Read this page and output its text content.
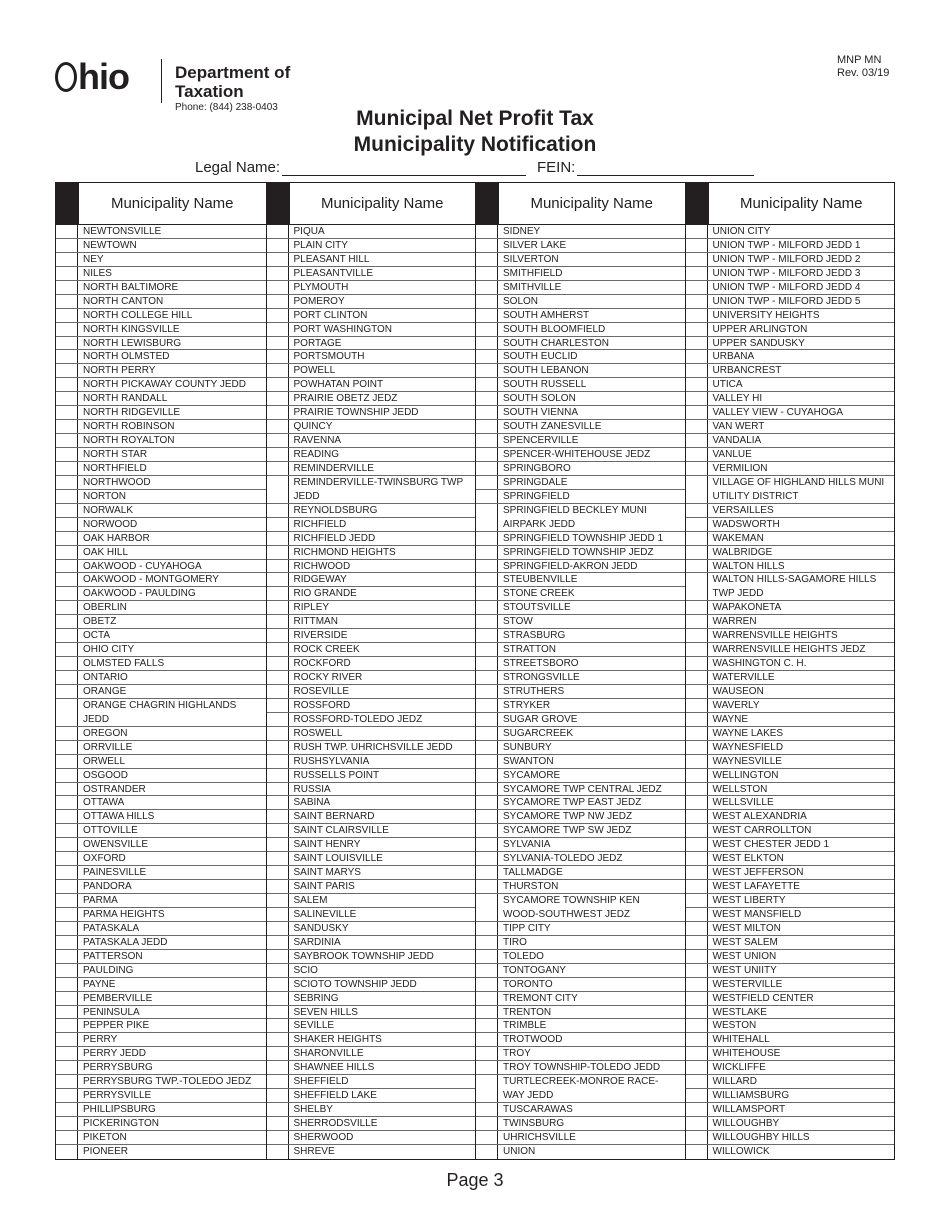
hio	Department of
Taxation
Phone: (844) 238-0403
MNP MN
Rev. 03/19
Municipal Net Profit Tax
Municipality Notification
Legal Name:	FEIN:
Municipality Name
NEWTONSVILLE
NEWTOWN
NEY
NILES
NORTH BALTIMORE
NORTH CANTON
NORTH COLLEGE HILL
NORTH KINGSVILLE
NORTH LEWISBURG
NORTH OLMSTED
NORTH PERRY
NORTH PICKAWAY COUNTY JEDD
NORTH RANDALL
NORTH RIDGEVILLE
NORTH ROBINSON
NORTH ROYALTON
NORTH STAR
NORTHFIELD
NORTHWOOD
NORTON
NORWALK
NORWOOD
OAK HARBOR
OAK HILL
OAKWOOD - CUYAHOGA
OAKWOOD - MONTGOMERY
OAKWOOD - PAULDING
OBERLIN
OBETZ
OCTA
OHIO CITY
OLMSTED FALLS
ONTARIO
ORANGE
ORANGE CHAGRIN HIGHLANDS
JEDD
OREGON
ORRVILLE
ORWELL
OSGOOD
OSTRANDER
OTTAWA
OTTAWA HILLS
OTTOVILLE
OWENSVILLE
OXFORD
PAINESVILLE
PANDORA
PARMA
PARMA HEIGHTS
PATASKALA
PATASKALA JEDD
PATTERSON
PAULDING
PAYNE
PEMBERVILLE
PENINSULA
PEPPER PIKE
PERRY
PERRY JEDD
PERRYSBURG
PERRYSBURG TWP.-TOLEDO JEDZ
PERRYSVILLE
PHILLIPSBURG
PICKERINGTON
PIKETON
PIONEER
Municipality Name
PIQUA
PLAIN CITY
PLEASANT HILL
PLEASANTVILLE
PLYMOUTH
POMEROY
PORT CLINTON
PORT WASHINGTON
PORTAGE
PORTSMOUTH
POWELL
POWHATAN POINT
PRAIRIE OBETZ JEDZ
PRAIRIE TOWNSHIP JEDD
QUINCY
RAVENNA
READING
REMINDERVILLE
REMINDERVILLE-TWINSBURG TWP
JEDD
REYNOLDSBURG
RICHFIELD
RICHFIELD JEDD
RICHMOND HEIGHTS
RICHWOOD
RIDGEWAY
RIO GRANDE
RIPLEY
RITTMAN
RIVERSIDE
ROCK CREEK
ROCKFORD
ROCKY RIVER
ROSEVILLE
ROSSFORD
ROSSFORD-TOLEDO JEDZ
ROSWELL
RUSH TWP. UHRICHSVILLE JEDD
RUSHSYLVANIA
RUSSELLS POINT
RUSSIA
SABINA
SAINT BERNARD
SAINT CLAIRSVILLE
SAINT HENRY
SAINT LOUISVILLE
SAINT MARYS
SAINT PARIS
SALEM
SALINEVILLE
SANDUSKY
SARDINIA
SAYBROOK TOWNSHIP JEDD
SCIO
SCIOTO TOWNSHIP JEDD
SEBRING
SEVEN HILLS
SEVILLE
SHAKER HEIGHTS
SHARONVILLE
SHAWNEE HILLS
SHEFFIELD
SHEFFIELD LAKE
SHELBY
SHERRODSVILLE
SHERWOOD
SHREVE
Municipality Name
SIDNEY
SILVER LAKE
SILVERTON
SMITHFIELD
SMITHVILLE
SOLON
SOUTH AMHERST
SOUTH BLOOMFIELD
SOUTH CHARLESTON
SOUTH EUCLID
SOUTH LEBANON
SOUTH RUSSELL
SOUTH SOLON
SOUTH VIENNA
SOUTH ZANESVILLE
SPENCERVILLE
SPENCER-WHITEHOUSE JEDZ
SPRINGBORO
SPRINGDALE
SPRINGFIELD
SPRINGFIELD BECKLEY MUNI
AIRPARK JEDD
SPRINGFIELD TOWNSHIP JEDD 1
SPRINGFIELD TOWNSHIP JEDZ
SPRINGFIELD-AKRON JEDD
STEUBENVILLE
STONE CREEK
STOUTSVILLE
STOW
STRASBURG
STRATTON
STREETSBORO
STRONGSVILLE
STRUTHERS
STRYKER
SUGAR GROVE
SUGARCREEK
SUNBURY
SWANTON
SYCAMORE
SYCAMORE TWP CENTRAL JEDZ
SYCAMORE TWP EAST JEDZ
SYCAMORE TWP NW JEDZ
SYCAMORE TWP SW JEDZ
SYLVANIA
SYLVANIA-TOLEDO JEDZ
TALLMADGE
THURSTON
SYCAMORE TOWNSHIP KEN
WOOD-SOUTHWEST JEDZ
TIPP CITY
TIRO
TOLEDO
TONTOGANY
TORONTO
TREMONT CITY
TRENTON
TRIMBLE
TROTWOOD
TROY
TROY TOWNSHIP-TOLEDO JEDD
TURTLECREEK-MONROE RACE-
WAY JEDD
TUSCARAWAS
TWINSBURG
UHRICHSVILLE
UNION
Municipality Name
UNION CITY
UNION TWP - MILFORD JEDD 1
UNION TWP - MILFORD JEDD 2
UNION TWP - MILFORD JEDD 3
UNION TWP - MILFORD JEDD 4
UNION TWP - MILFORD JEDD 5
UNIVERSITY HEIGHTS
UPPER ARLINGTON
UPPER SANDUSKY
URBANA
URBANCREST
UTICA
VALLEY HI
VALLEY VIEW - CUYAHOGA
VAN WERT
VANDALIA
VANLUE
VERMILION
VILLAGE OF HIGHLAND HILLS MUNI
UTILITY DISTRICT
VERSAILLES
WADSWORTH
WAKEMAN
WALBRIDGE
WALTON HILLS
WALTON HILLS-SAGAMORE HILLS
TWP JEDD
WAPAKONETA
WARREN
WARRENSVILLE HEIGHTS
WARRENSVILLE HEIGHTS JEDZ
WASHINGTON C. H.
WATERVILLE
WAUSEON
WAVERLY
WAYNE
WAYNE LAKES
WAYNESFIELD
WAYNESVILLE
WELLINGTON
WELLSTON
WELLSVILLE
WEST ALEXANDRIA
WEST CARROLLTON
WEST CHESTER JEDD 1
WEST ELKTON
WEST JEFFERSON
WEST LAFAYETTE
WEST LIBERTY
WEST MANSFIELD
WEST MILTON
WEST SALEM
WEST UNION
WEST UNIITY
WESTERVILLE
WESTFIELD CENTER
WESTLAKE
WESTON
WHITEHALL
WHITEHOUSE
WICKLIFFE
WILLARD
WILLIAMSBURG
WILLAMSPORT
WILLOUGHBY
WILLOUGHBY HILLS
WILLOWICK
Page 3
